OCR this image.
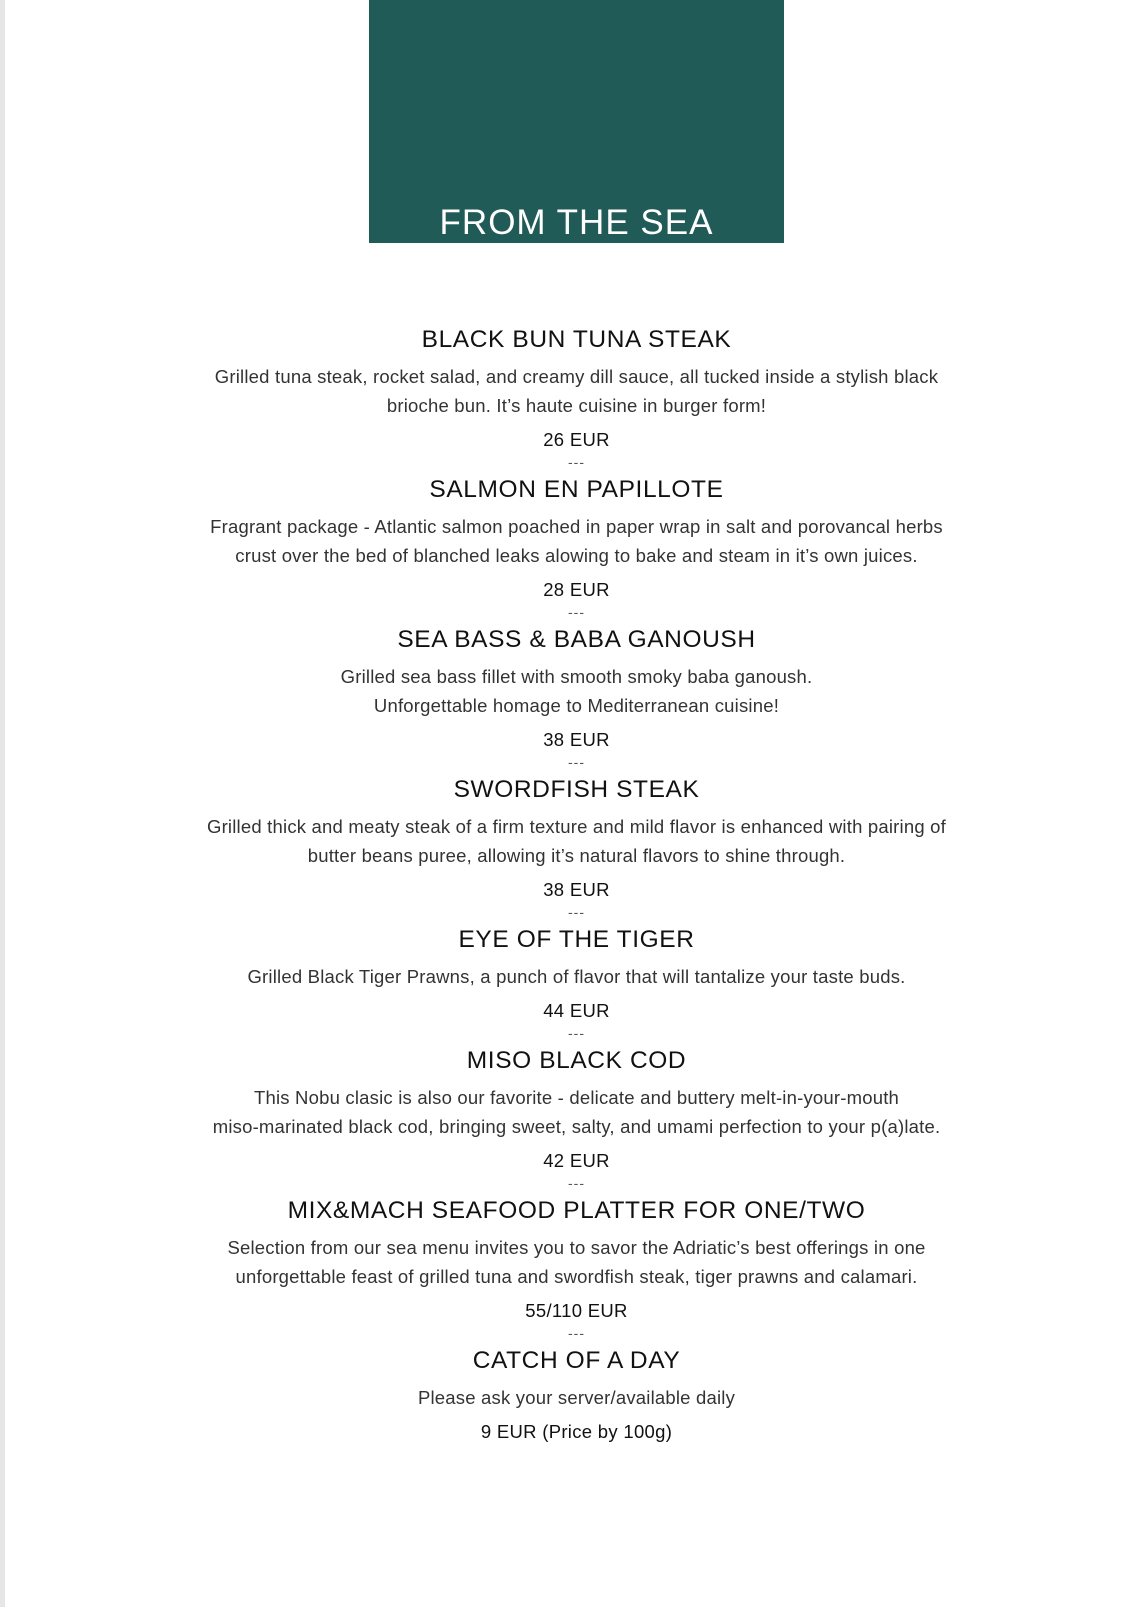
FROM THE SEA
BLACK BUN TUNA STEAK
Grilled tuna steak, rocket salad, and creamy dill sauce, all tucked inside a stylish black
brioche bun. It’s haute cuisine in burger form!
26 EUR
---
SALMON EN PAPILLOTE
Fragrant package - Atlantic salmon poached in paper wrap in salt and porovancal herbs
crust over the bed of blanched leaks alowing to bake and steam in it’s own juices.
28 EUR
---
SEA BASS & BABA GANOUSH
Grilled sea bass fillet with smooth smoky baba ganoush.
Unforgettable homage to Mediterranean cuisine!
38 EUR
---
SWORDFISH STEAK
Grilled thick and meaty steak of a firm texture and mild flavor is enhanced with pairing of
butter beans puree, allowing it’s natural flavors to shine through.
38 EUR
---
EYE OF THE TIGER
Grilled Black Tiger Prawns, a punch of flavor that will tantalize your taste buds.
44 EUR
---
MISO BLACK COD
This Nobu clasic is also our favorite - delicate and buttery melt-in-your-mouth
miso-marinated black cod, bringing sweet, salty, and umami perfection to your p(a)late.
42 EUR
---
MIX&MACH SEAFOOD PLATTER FOR ONE/TWO
Selection from our sea menu invites you to savor the Adriatic’s best offerings in one
unforgettable feast of grilled tuna and swordfish steak, tiger prawns and calamari.
55/110 EUR
---
CATCH OF A DAY
Please ask your server/available daily
9 EUR (Price by 100g)
